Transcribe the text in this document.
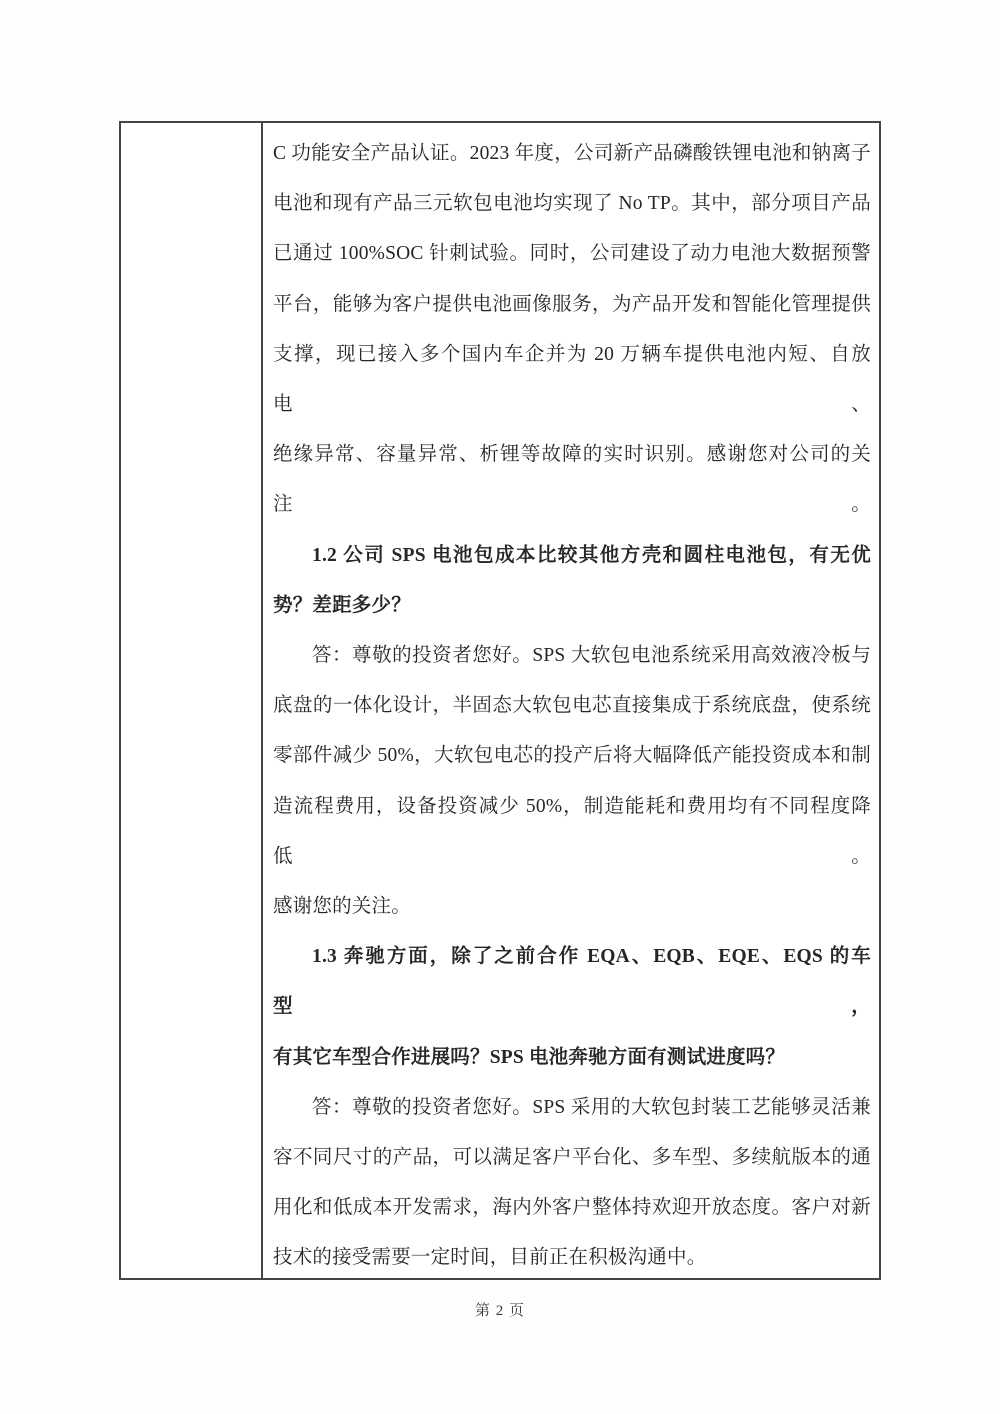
C 功能安全产品认证。2023 年度，公司新产品磷酸铁锂电池和钠离子
电池和现有产品三元软包电池均实现了 No TP。其中，部分项目产品
已通过 100%SOC 针刺试验。同时，公司建设了动力电池大数据预警
平台，能够为客户提供电池画像服务，为产品开发和智能化管理提供
支撑，现已接入多个国内车企并为 20 万辆车提供电池内短、自放电、
绝缘异常、容量异常、析锂等故障的实时识别。感谢您对公司的关注。
1.2 公司 SPS 电池包成本比较其他方壳和圆柱电池包，有无优
势？差距多少？
答：尊敬的投资者您好。SPS 大软包电池系统采用高效液冷板与
底盘的一体化设计，半固态大软包电芯直接集成于系统底盘，使系统
零部件减少 50%，大软包电芯的投产后将大幅降低产能投资成本和制
造流程费用，设备投资减少 50%，制造能耗和费用均有不同程度降低。
感谢您的关注。
1.3 奔驰方面，除了之前合作 EQA、EQB、EQE、EQS 的车型，
有其它车型合作进展吗？SPS 电池奔驰方面有测试进度吗？
答：尊敬的投资者您好。SPS 采用的大软包封装工艺能够灵活兼
容不同尺寸的产品，可以满足客户平台化、多车型、多续航版本的通
用化和低成本开发需求，海内外客户整体持欢迎开放态度。客户对新
技术的接受需要一定时间，目前正在积极沟通中。
第 2 页
